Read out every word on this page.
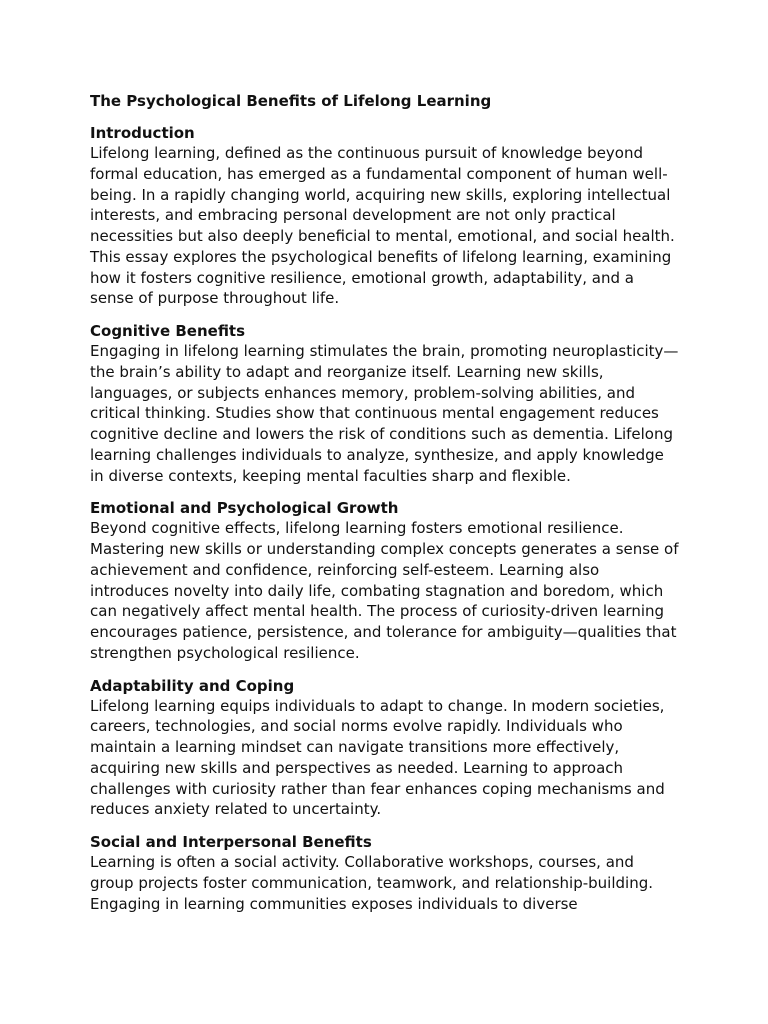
The Psychological Benefits of Lifelong Learning
Introduction
Lifelong learning, defined as the continuous pursuit of knowledge beyond formal education, has emerged as a fundamental component of human well-being. In a rapidly changing world, acquiring new skills, exploring intellectual interests, and embracing personal development are not only practical necessities but also deeply beneficial to mental, emotional, and social health. This essay explores the psychological benefits of lifelong learning, examining how it fosters cognitive resilience, emotional growth, adaptability, and a sense of purpose throughout life.
Cognitive Benefits
Engaging in lifelong learning stimulates the brain, promoting neuroplasticity—the brain’s ability to adapt and reorganize itself. Learning new skills, languages, or subjects enhances memory, problem-solving abilities, and critical thinking. Studies show that continuous mental engagement reduces cognitive decline and lowers the risk of conditions such as dementia. Lifelong learning challenges individuals to analyze, synthesize, and apply knowledge in diverse contexts, keeping mental faculties sharp and flexible.
Emotional and Psychological Growth
Beyond cognitive effects, lifelong learning fosters emotional resilience. Mastering new skills or understanding complex concepts generates a sense of achievement and confidence, reinforcing self-esteem. Learning also introduces novelty into daily life, combating stagnation and boredom, which can negatively affect mental health. The process of curiosity-driven learning encourages patience, persistence, and tolerance for ambiguity—qualities that strengthen psychological resilience.
Adaptability and Coping
Lifelong learning equips individuals to adapt to change. In modern societies, careers, technologies, and social norms evolve rapidly. Individuals who maintain a learning mindset can navigate transitions more effectively, acquiring new skills and perspectives as needed. Learning to approach challenges with curiosity rather than fear enhances coping mechanisms and reduces anxiety related to uncertainty.
Social and Interpersonal Benefits
Learning is often a social activity. Collaborative workshops, courses, and group projects foster communication, teamwork, and relationship-building. Engaging in learning communities exposes individuals to diverse
